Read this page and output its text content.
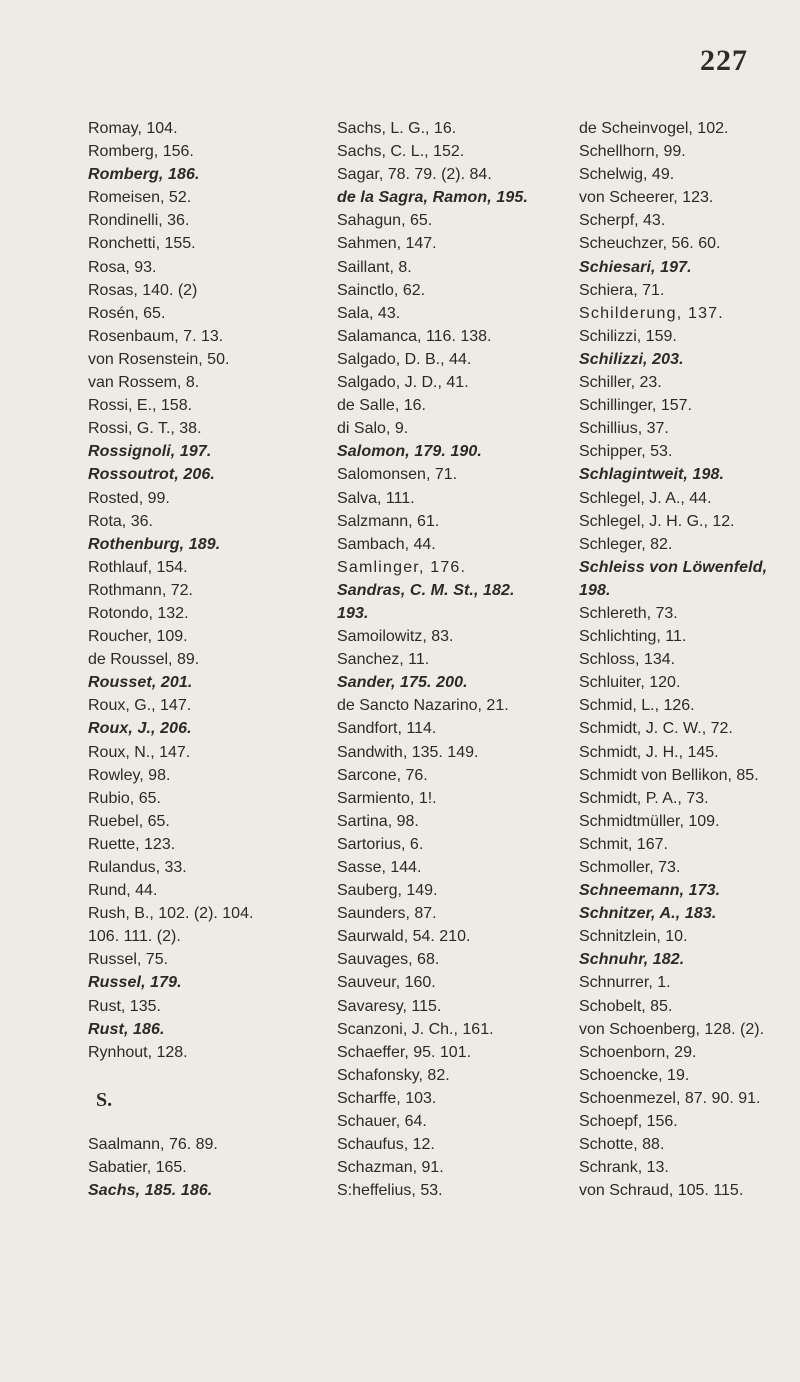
227
Romay, 104.
Romberg, 156.
Romberg, 186.
Romeisen, 52.
Rondinelli, 36.
Ronchetti, 155.
Rosa, 93.
Rosas, 140. (2)
Rosén, 65.
Rosenbaum, 7. 13.
von Rosenstein, 50.
van Rossem, 8.
Rossi, E., 158.
Rossi, G. T., 38.
Rossignoli, 197.
Rossoutrot, 206.
Rosted, 99.
Rota, 36.
Rothenburg, 189.
Rothlauf, 154.
Rothmann, 72.
Rotondo, 132.
Roucher, 109.
de Roussel, 89.
Rousset, 201.
Roux, G., 147.
Roux, J., 206.
Roux, N., 147.
Rowley, 98.
Rubio, 65.
Ruebel, 65.
Ruette, 123.
Rulandus, 33.
Rund, 44.
Rush, B., 102. (2). 104.
106. 111. (2).
Russel, 75.
Russel, 179.
Rust, 135.
Rust, 186.
Rynhout, 128.
S.
Saalmann, 76. 89.
Sabatier, 165.
Sachs, 185. 186.
Sachs, L. G., 16.
Sachs, C. L., 152.
Sagar, 78. 79. (2). 84.
de la Sagra, Ramon, 195.
Sahagun, 65.
Sahmen, 147.
Saillant, 8.
Sainctlo, 62.
Sala, 43.
Salamanca, 116. 138.
Salgado, D. B., 44.
Salgado, J. D., 41.
de Salle, 16.
di Salo, 9.
Salomon, 179. 190.
Salomonsen, 71.
Salva, 111.
Salzmann, 61.
Sambach, 44.
Samlinger, 176.
Sandras, C. M. St., 182.
193.
Samoilowitz, 83.
Sanchez, 11.
Sander, 175. 200.
de Sancto Nazarino, 21.
Sandfort, 114.
Sandwith, 135. 149.
Sarcone, 76.
Sarmiento, 1!.
Sartina, 98.
Sartorius, 6.
Sasse, 144.
Sauberg, 149.
Saunders, 87.
Saurwald, 54. 210.
Sauvages, 68.
Sauveur, 160.
Savaresy, 115.
Scanzoni, J. Ch., 161.
Schaeffer, 95. 101.
Schafonsky, 82.
Scharffe, 103.
Schauer, 64.
Schaufus, 12.
Schazman, 91.
S:heffelius, 53.
de Scheinvogel, 102.
Schellhorn, 99.
Schelwig, 49.
von Scheerer, 123.
Scherpf, 43.
Scheuchzer, 56. 60.
Schiesari, 197.
Schiera, 71.
Schilderung, 137.
Schilizzi, 159.
Schilizzi, 203.
Schiller, 23.
Schillinger, 157.
Schillius, 37.
Schipper, 53.
Schlagintweit, 198.
Schlegel, J. A., 44.
Schlegel, J. H. G., 12.
Schleger, 82.
Schleiss von Löwenfeld,
198.
Schlereth, 73.
Schlichting, 11.
Schloss, 134.
Schluiter, 120.
Schmid, L., 126.
Schmidt, J. C. W., 72.
Schmidt, J. H., 145.
Schmidt von Bellikon, 85.
Schmidt, P. A., 73.
Schmidtmüller, 109.
Schmit, 167.
Schmoller, 73.
Schneemann, 173.
Schnitzer, A., 183.
Schnitzlein, 10.
Schnuhr, 182.
Schnurrer, 1.
Schobelt, 85.
von Schoenberg, 128. (2).
Schoenborn, 29.
Schoencke, 19.
Schoenmezel, 87. 90. 91.
Schoepf, 156.
Schotte, 88.
Schrank, 13.
von Schraud, 105. 115.
